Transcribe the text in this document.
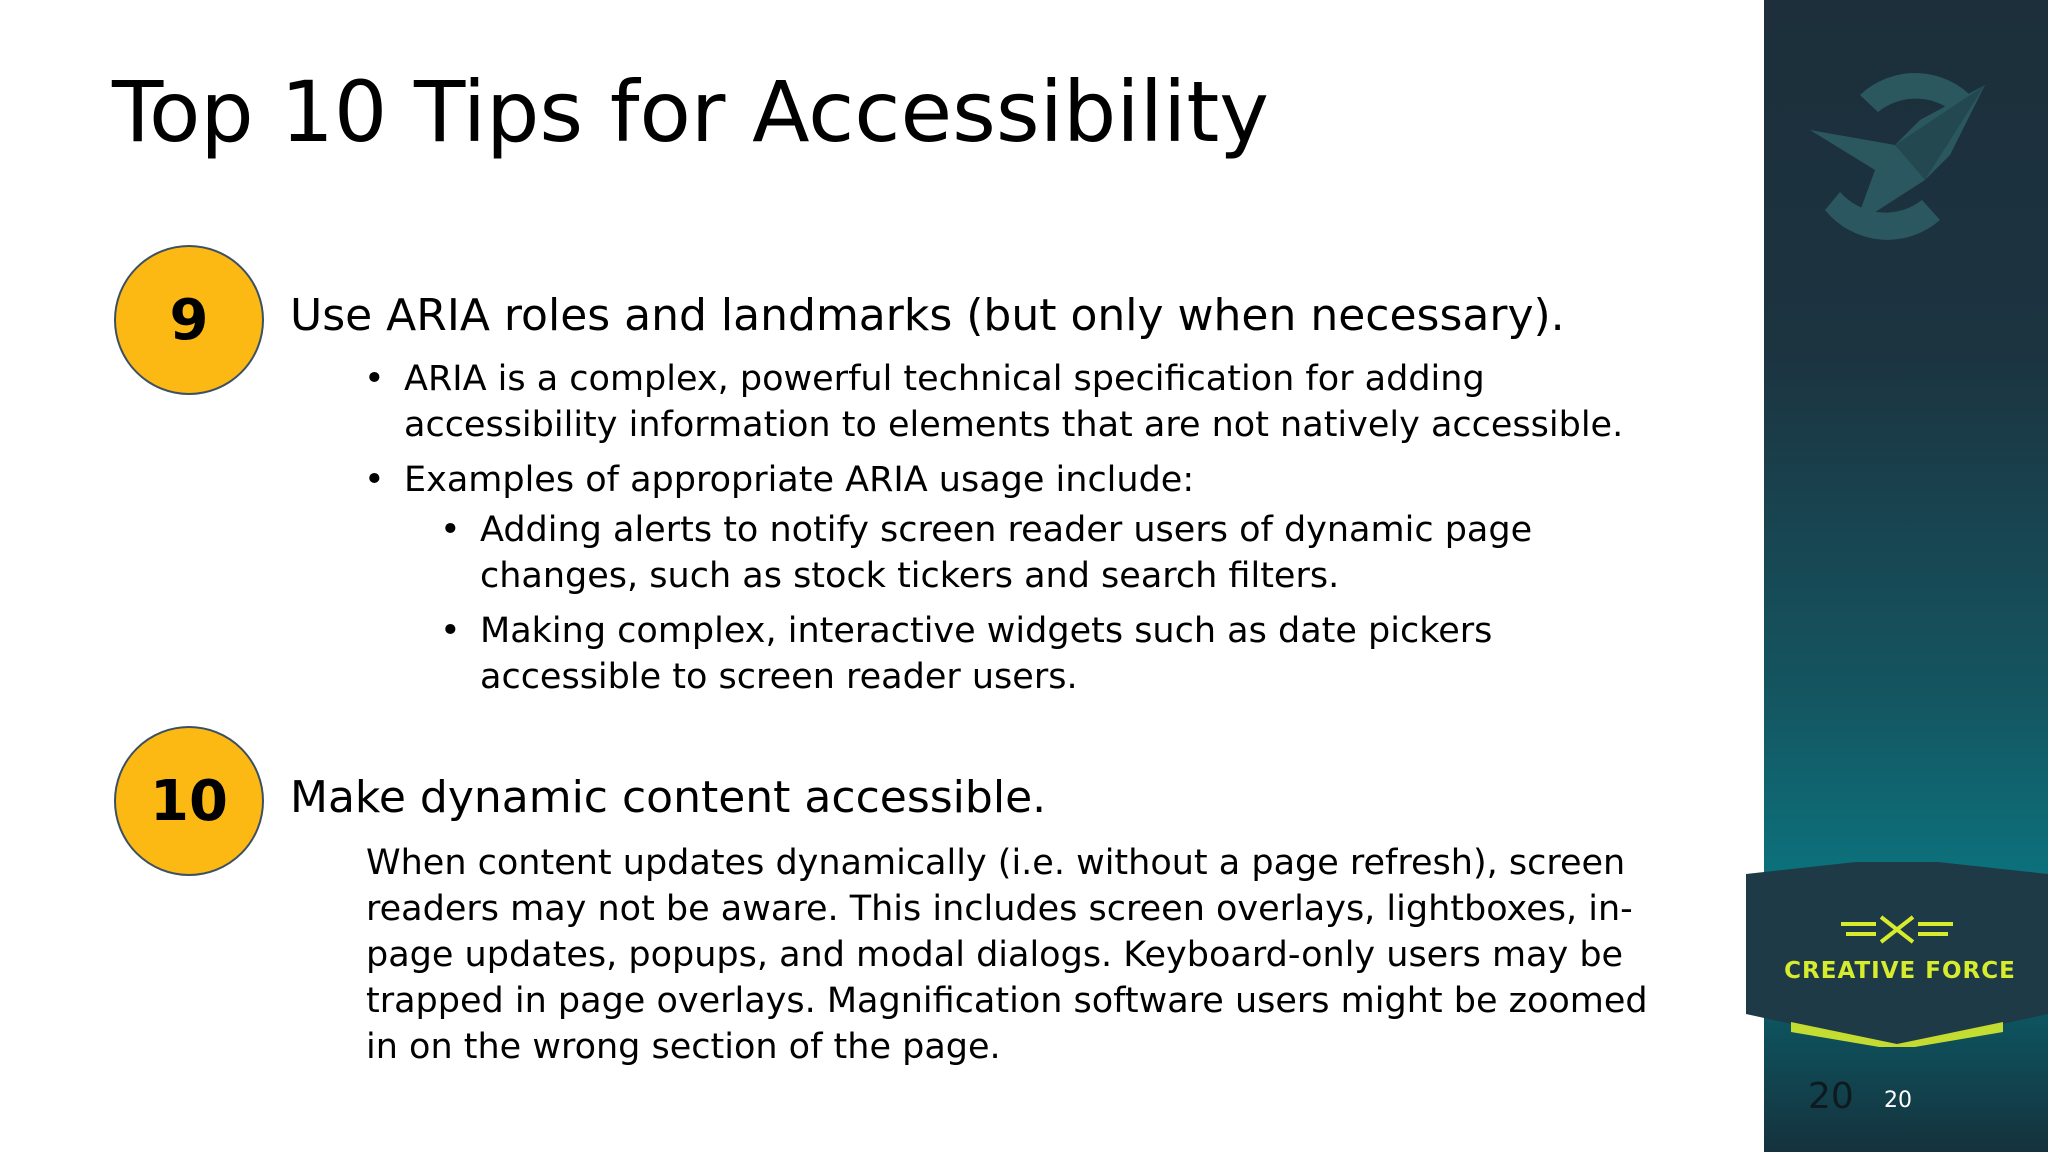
Top 10 Tips for Accessibility
9	Use ARIA roles and landmarks (but only when necessary).
• ARIA is a complex, powerful technical specification for adding accessibility information to elements that are not natively accessible.
• Examples of appropriate ARIA usage include:
• Adding alerts to notify screen reader users of dynamic page changes, such as stock tickers and search filters.
• Making complex, interactive widgets such as date pickers accessible to screen reader users.
10	Make dynamic content accessible.

When content updates dynamically (i.e. without a page refresh), screen readers may not be aware. This includes screen overlays, lightboxes, in-page updates, popups, and modal dialogs. Keyboard-only users may be trapped in page overlays. Magnification software users might be zoomed in on the wrong section of the page.

CREATIVE FORCE
20 20
